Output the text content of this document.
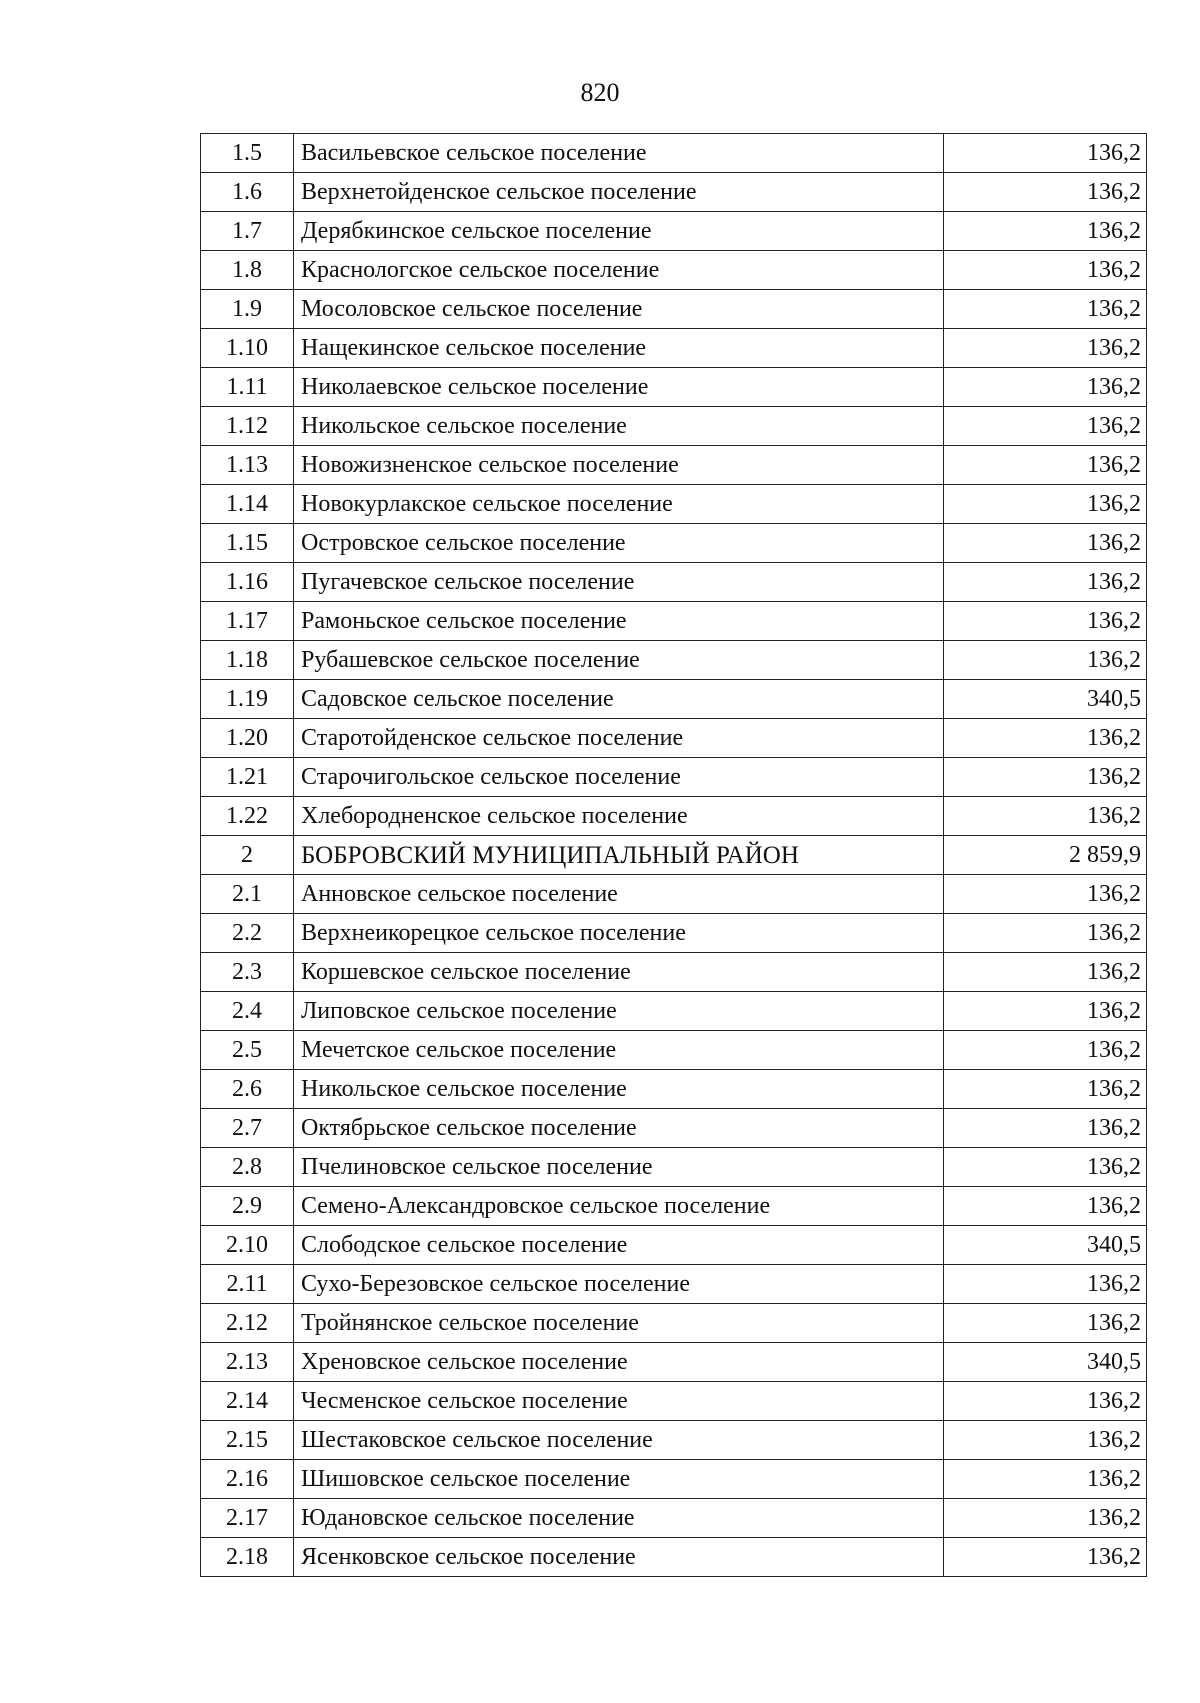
820
1.5	Васильевское сельское поселение	136,2
1.6	Верхнетойденское сельское поселение	136,2
1.7	Дерябкинское сельское поселение	136,2
1.8	Краснологское сельское поселение	136,2
1.9	Мосоловское сельское поселение	136,2
1.10	Нащекинское сельское поселение	136,2
1.11	Николаевское сельское поселение	136,2
1.12	Никольское сельское поселение	136,2
1.13	Новожизненское сельское поселение	136,2
1.14	Новокурлакское сельское поселение	136,2
1.15	Островское сельское поселение	136,2
1.16	Пугачевское сельское поселение	136,2
1.17	Рамоньское сельское поселение	136,2
1.18	Рубашевское сельское поселение	136,2
1.19	Садовское сельское поселение	340,5
1.20	Старотойденское сельское поселение	136,2
1.21	Старочигольское сельское поселение	136,2
1.22	Хлебородненское сельское поселение	136,2
2	БОБРОВСКИЙ МУНИЦИПАЛЬНЫЙ РАЙОН	2 859,9
2.1	Анновское сельское поселение	136,2
2.2	Верхнеикорецкое сельское поселение	136,2
2.3	Коршевское сельское поселение	136,2
2.4	Липовское сельское поселение	136,2
2.5	Мечетское сельское поселение	136,2
2.6	Никольское сельское поселение	136,2
2.7	Октябрьское сельское поселение	136,2
2.8	Пчелиновское сельское поселение	136,2
2.9	Семено-Александровское сельское поселение	136,2
2.10	Слободское сельское поселение	340,5
2.11	Сухо-Березовское сельское поселение	136,2
2.12	Тройнянское сельское поселение	136,2
2.13	Хреновское сельское поселение	340,5
2.14	Чесменское сельское поселение	136,2
2.15	Шестаковское сельское поселение	136,2
2.16	Шишовское сельское поселение	136,2
2.17	Юдановское сельское поселение	136,2
2.18	Ясенковское сельское поселение	136,2
